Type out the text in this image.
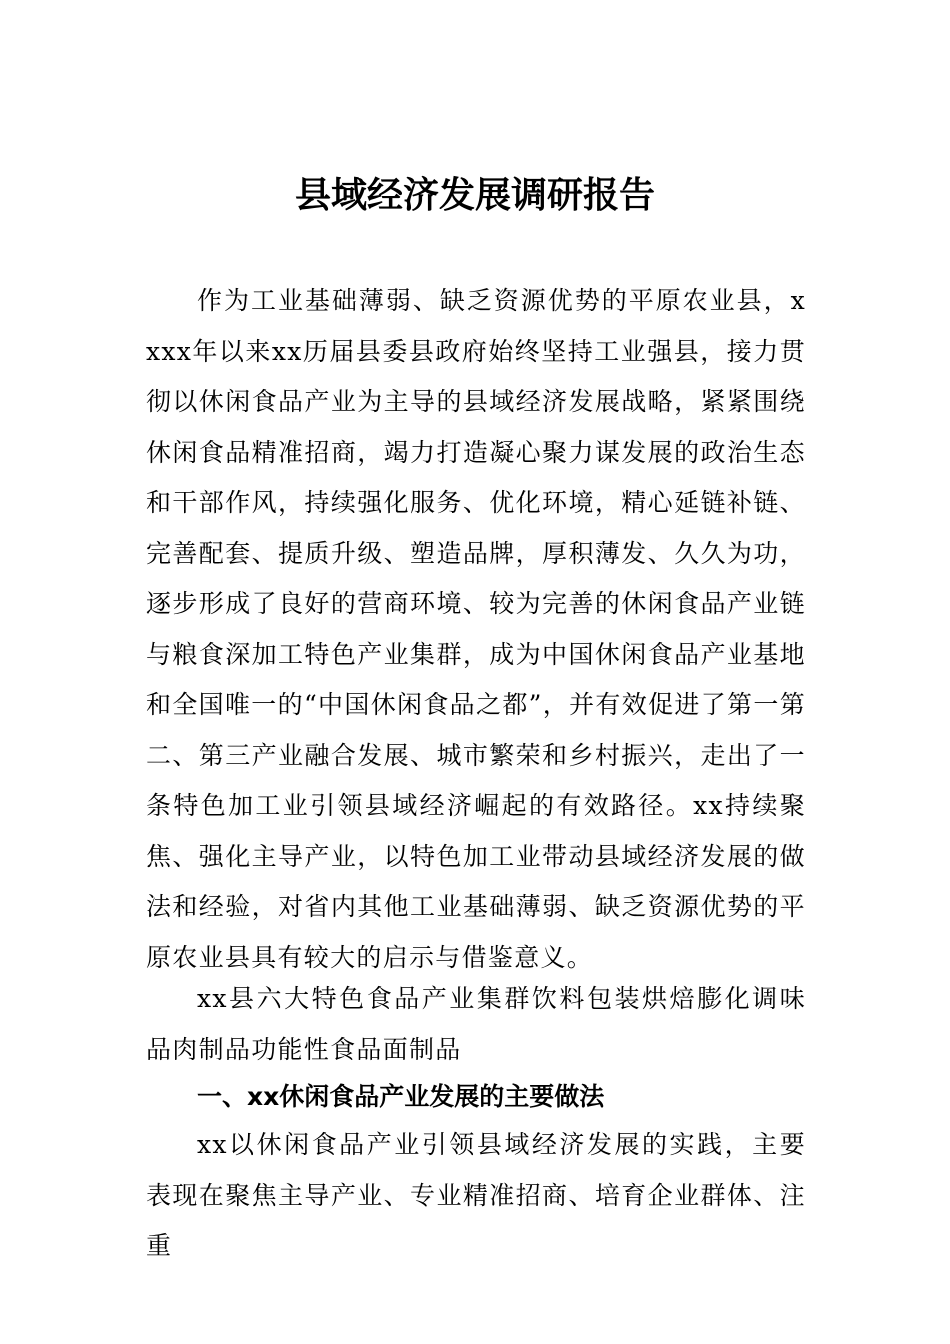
县域经济发展调研报告

作为工业基础薄弱、缺乏资源优势的平原农业县，xxxx年以来xx历届县委县政府始终坚持工业强县，接力贯彻以休闲食品产业为主导的县域经济发展战略，紧紧围绕休闲食品精准招商，竭力打造凝心聚力谋发展的政治生态和干部作风，持续强化服务、优化环境，精心延链补链、完善配套、提质升级、塑造品牌，厚积薄发、久久为功，逐步形成了良好的营商环境、较为完善的休闲食品产业链与粮食深加工特色产业集群，成为中国休闲食品产业基地和全国唯一的“中国休闲食品之都”，并有效促进了第一第二、第三产业融合发展、城市繁荣和乡村振兴，走出了一条特色加工业引领县域经济崛起的有效路径。xx持续聚焦、强化主导产业，以特色加工业带动县域经济发展的做法和经验，对省内其他工业基础薄弱、缺乏资源优势的平原农业县具有较大的启示与借鉴意义。

xx县六大特色食品产业集群饮料包装烘焙膨化调味品肉制品功能性食品面制品

一、xx休闲食品产业发展的主要做法

xx以休闲食品产业引领县域经济发展的实践，主要表现在聚焦主导产业、专业精准招商、培育企业群体、注重
